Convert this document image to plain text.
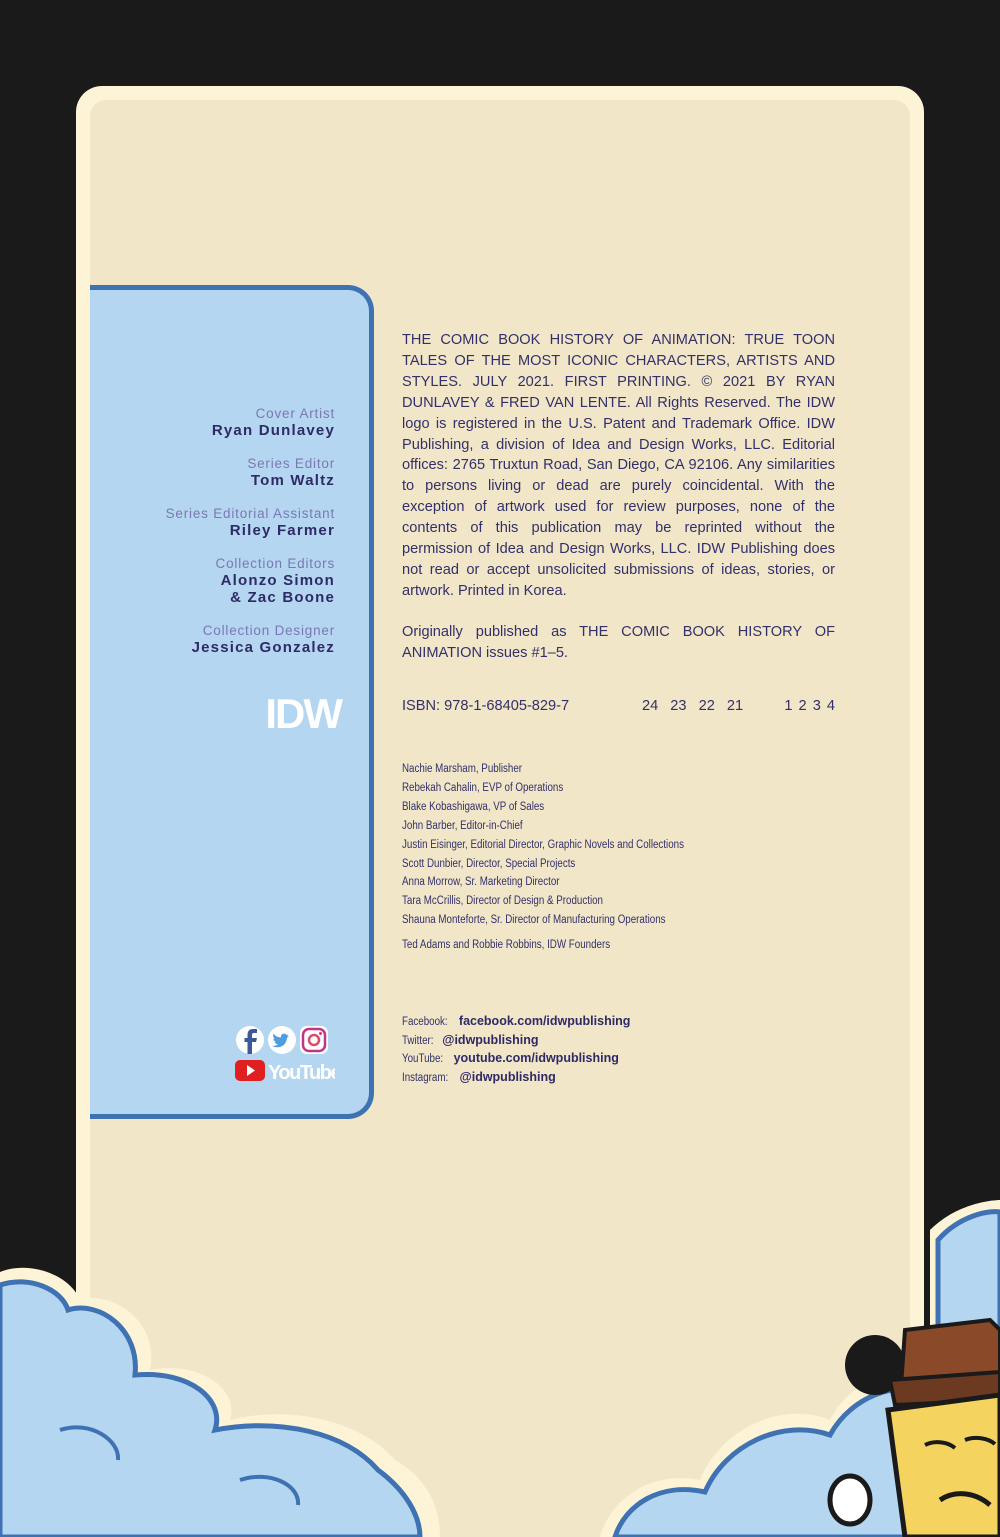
Cover Artist
Ryan Dunlavey
Series Editor
Tom Waltz
Series Editorial Assistant
Riley Farmer
Collection Editors
Alonzo Simon
& Zac Boone
Collection Designer
Jessica Gonzalez
IDW
YouTube

THE COMIC BOOK HISTORY OF ANIMATION: TRUE TOON TALES OF THE MOST ICONIC CHARACTERS, ARTISTS AND STYLES. JULY 2021. FIRST PRINTING. © 2021 BY RYAN DUNLAVEY & FRED VAN LENTE. All Rights Reserved. The IDW logo is registered in the U.S. Patent and Trademark Office. IDW Publishing, a division of Idea and Design Works, LLC. Editorial offices: 2765 Truxtun Road, San Diego, CA 92106. Any similarities to persons living or dead are purely coincidental. With the exception of artwork used for review purposes, none of the contents of this publication may be reprinted without the permission of Idea and Design Works, LLC. IDW Publishing does not read or accept unsolicited submissions of ideas, stories, or artwork. Printed in Korea.

Originally published as THE COMIC BOOK HISTORY OF ANIMATION issues #1–5.

ISBN: 978-1-68405-829-7	24 23 22 21	1 2 3 4
Nachie Marsham, Publisher
Rebekah Cahalin, EVP of Operations
Blake Kobashigawa, VP of Sales
John Barber, Editor-in-Chief
Justin Eisinger, Editorial Director, Graphic Novels and Collections
Scott Dunbier, Director, Special Projects
Anna Morrow, Sr. Marketing Director
Tara McCrillis, Director of Design & Production
Shauna Monteforte, Sr. Director of Manufacturing Operations
Ted Adams and Robbie Robbins, IDW Founders
Facebook: facebook.com/idwpublishing
Twitter: @idwpublishing
YouTube: youtube.com/idwpublishing
Instagram: @idwpublishing
